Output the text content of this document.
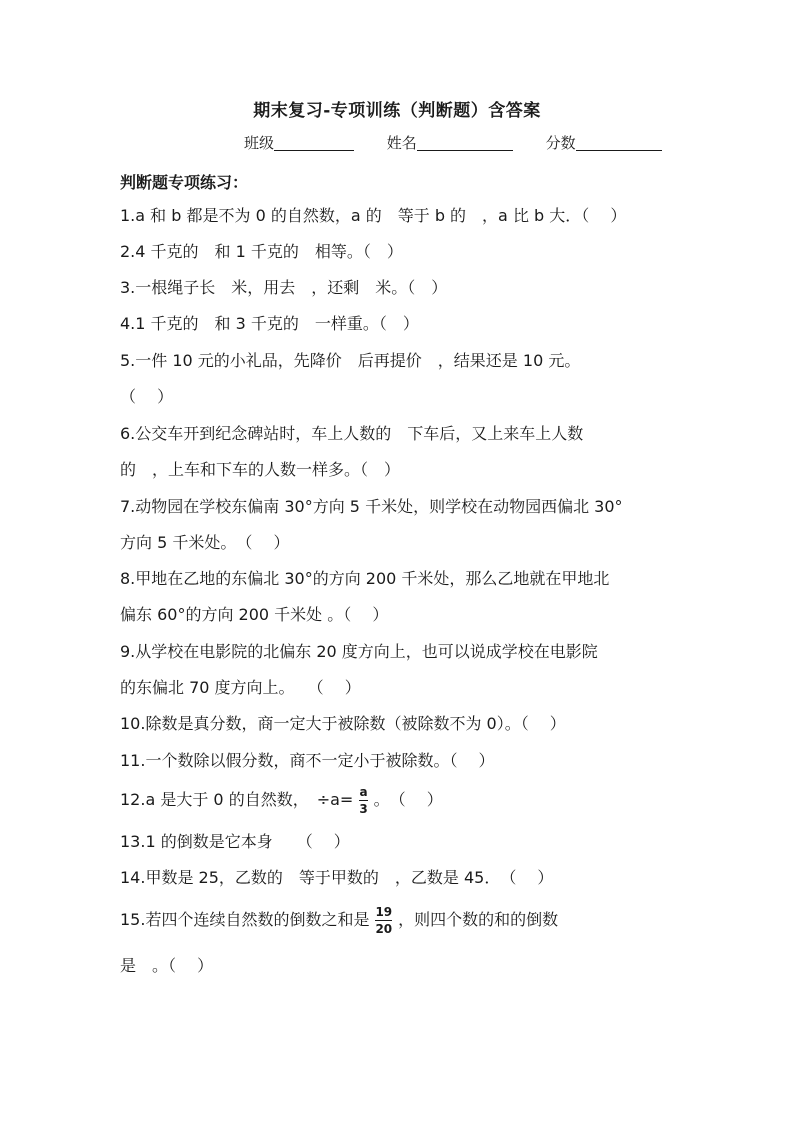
期末复习-专项训练（判断题）含答案
班级	姓名	分数
判断题专项练习：
1.a 和 b 都是不为 0 的自然数，a 的　等于 b 的　，a 比 b 大．（　 ）
2.4 千克的　和 1 千克的　相等。（　）
3.一根绳子长　米，用去　，还剩　米。（　）
4.1 千克的　和 3 千克的　一样重。（　）
5.一件 10 元的小礼品，先降价　后再提价　，结果还是 10 元。
（　 ）
6.公交车开到纪念碑站时，车上人数的　下车后，又上来车上人数
的　，上车和下车的人数一样多。（　）
7.动物园在学校东偏南 30°方向 5 千米处，则学校在动物园西偏北 30°
方向 5 千米处。　（　 ）
8.甲地在乙地的东偏北 30°的方向 200 千米处，那么乙地就在甲地北
偏东 60°的方向 200 千米处 。（　 ）
9.从学校在电影院的北偏东 20 度方向上，也可以说成学校在电影院
的东偏北 70 度方向上。　 （　 ）
10.除数是真分数，商一定大于被除数（被除数不为 0）。（　 ）
11.一个数除以假分数，商不一定小于被除数。（　 ）
12.a 是大于 0 的自然数，　$\div a= \frac{a}{3}$ 。　（　 ）
13.1 的倒数是它本身　　（　 ）
14.甲数是 25，乙数的　等于甲数的　，乙数是 45．　（　 ）
15.若四个连续自然数的倒数之和是 $\frac{19}{20}$ ，则四个数的和的倒数
是　。（　 ）
